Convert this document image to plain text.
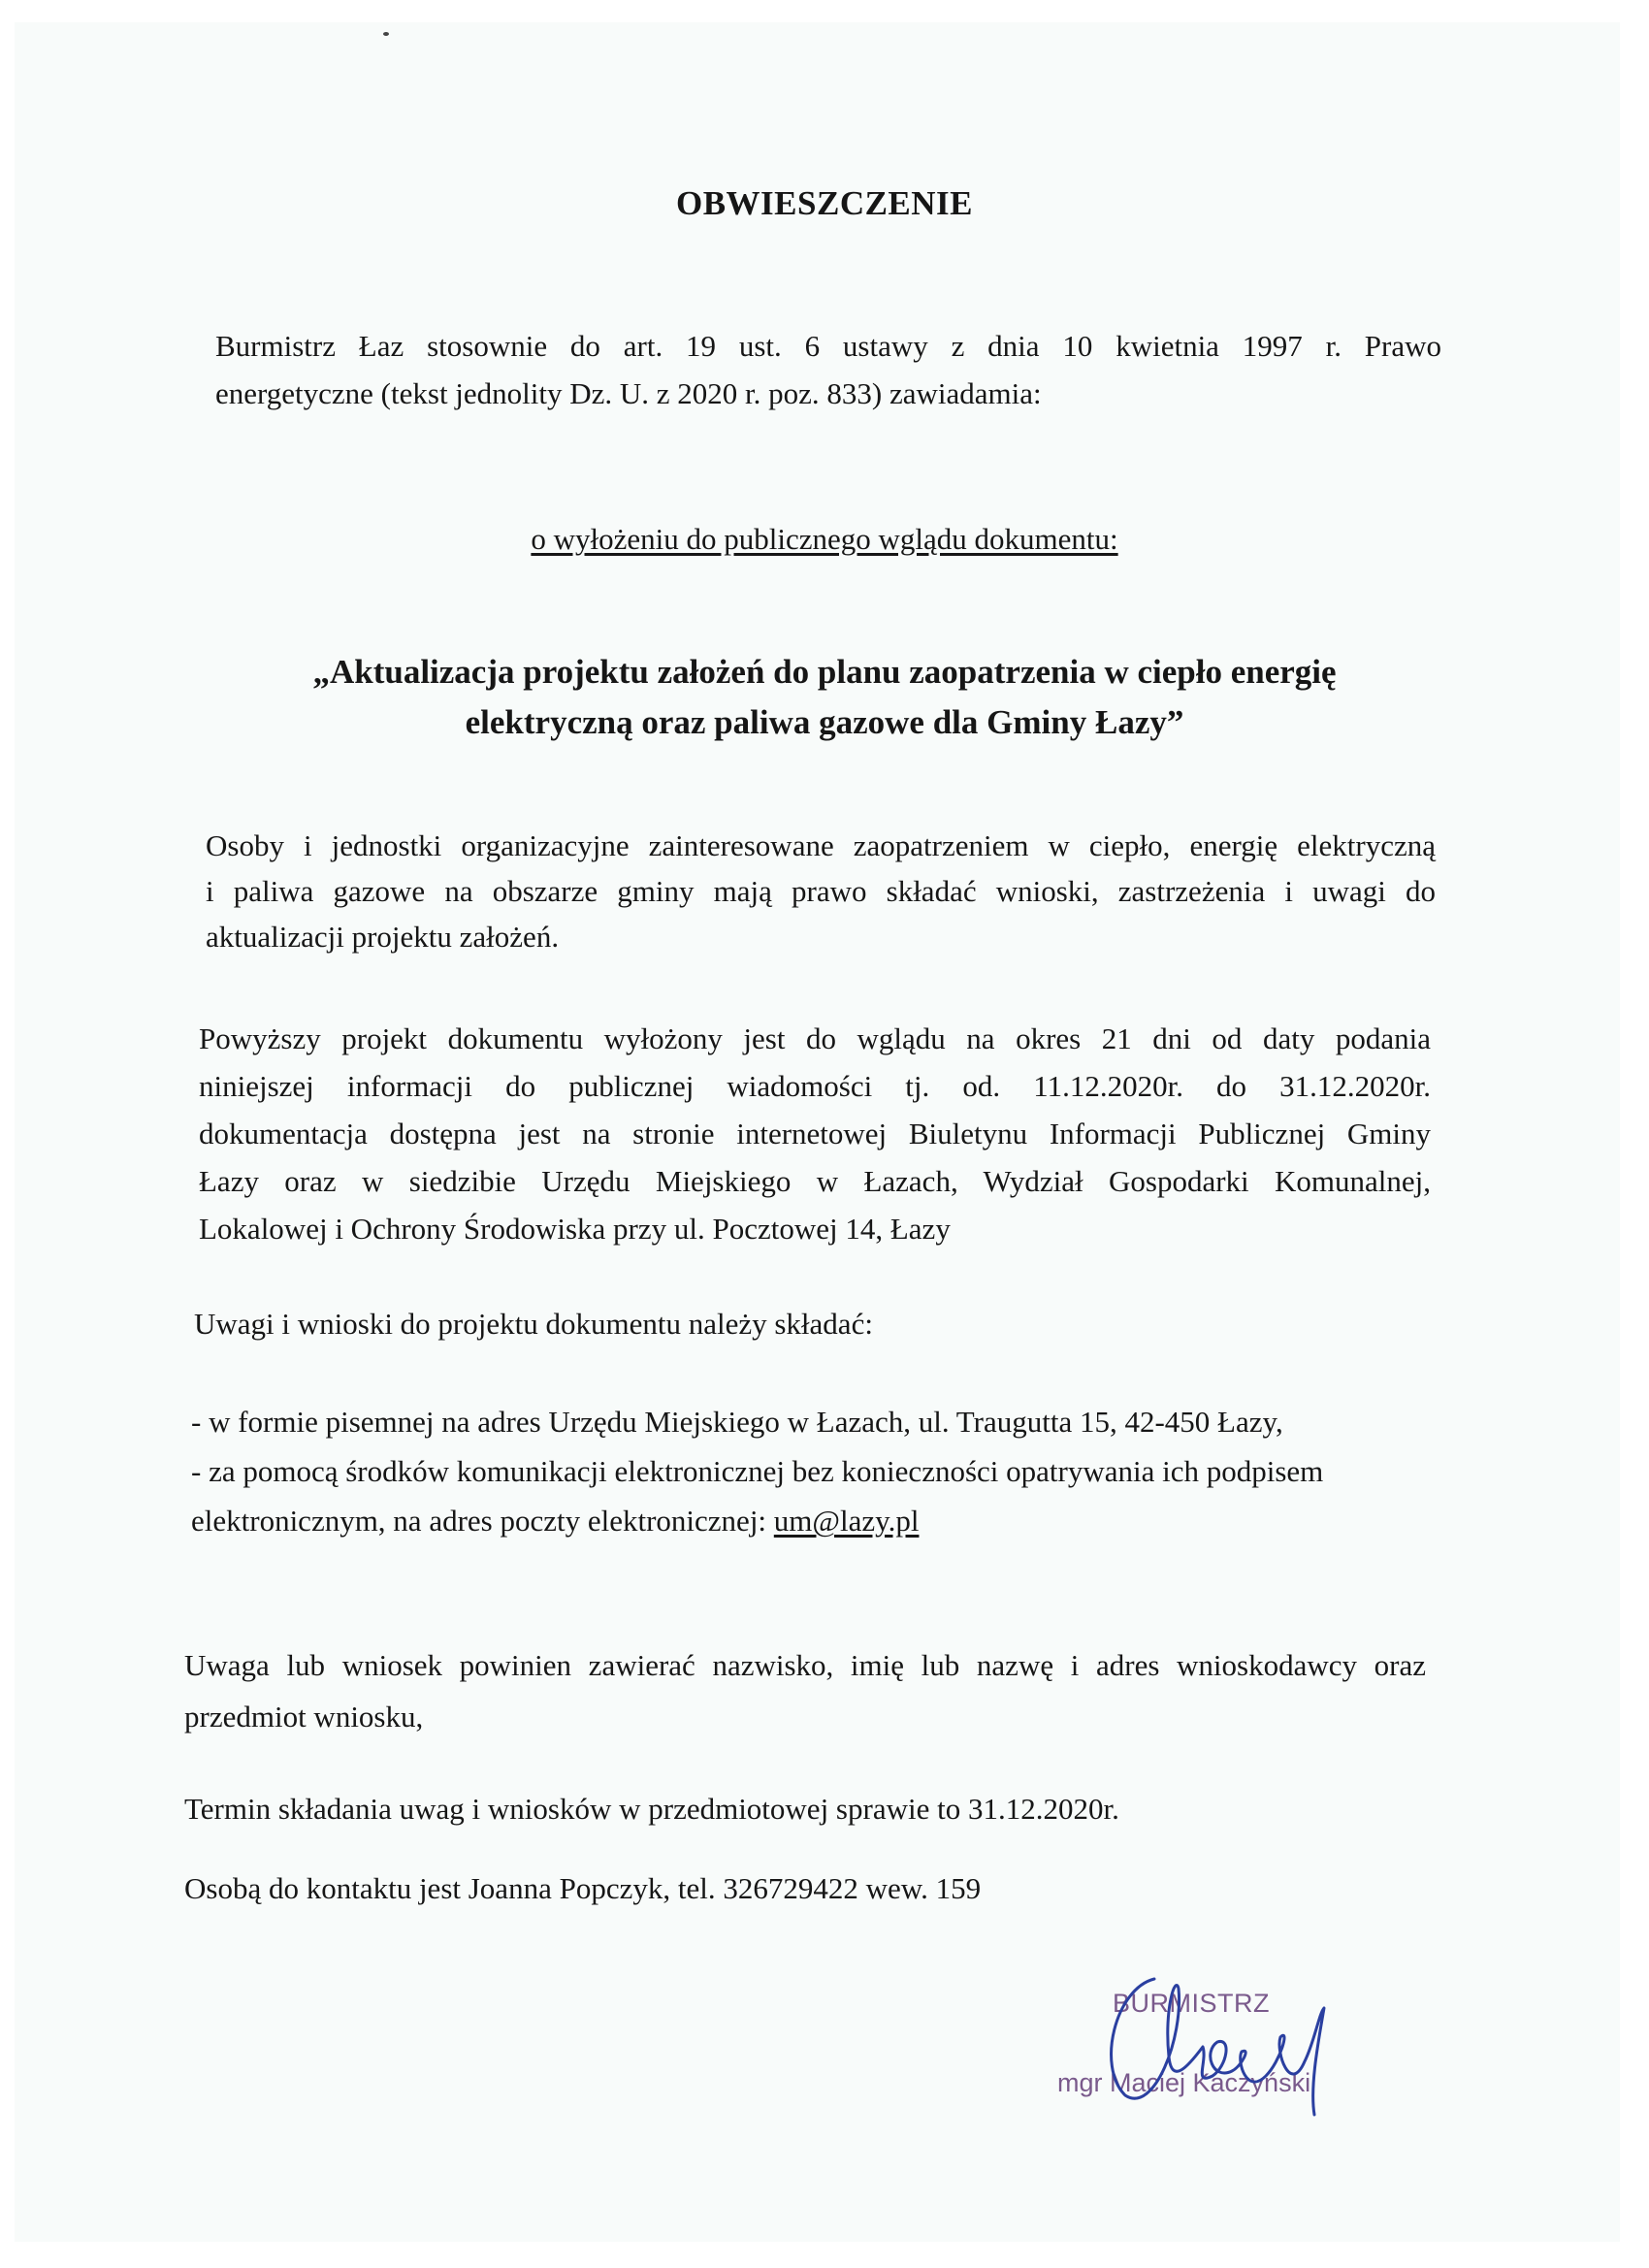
OBWIESZCZENIE
Burmistrz Łaz stosownie do art. 19 ust. 6 ustawy z dnia 10 kwietnia 1997 r. Prawo
energetyczne (tekst jednolity Dz. U. z 2020 r. poz. 833) zawiadamia:
o wyłożeniu do publicznego wglądu dokumentu:
„Aktualizacja projektu założeń do planu zaopatrzenia w ciepło energię
elektryczną oraz paliwa gazowe dla Gminy Łazy”
Osoby i jednostki organizacyjne zainteresowane zaopatrzeniem w ciepło, energię elektryczną
i paliwa gazowe na obszarze gminy mają prawo składać wnioski, zastrzeżenia i uwagi do
aktualizacji projektu założeń.
Powyższy projekt dokumentu wyłożony jest do wglądu na okres 21 dni od daty podania
niniejszej informacji do publicznej wiadomości tj. od. 11.12.2020r. do 31.12.2020r.
dokumentacja dostępna jest na stronie internetowej Biuletynu Informacji Publicznej Gminy
Łazy oraz w siedzibie Urzędu Miejskiego w Łazach, Wydział Gospodarki Komunalnej,
Lokalowej i Ochrony Środowiska przy ul. Pocztowej 14, Łazy
Uwagi i wnioski do projektu dokumentu należy składać:
- w formie pisemnej na adres Urzędu Miejskiego w Łazach, ul. Traugutta 15, 42-450 Łazy,
- za pomocą środków komunikacji elektronicznej bez konieczności opatrywania ich podpisem
elektronicznym, na adres poczty elektronicznej: um@lazy.pl
Uwaga lub wniosek powinien zawierać nazwisko, imię lub nazwę i adres wnioskodawcy oraz
przedmiot wniosku,
Termin składania uwag i wniosków w przedmiotowej sprawie to 31.12.2020r.
Osobą do kontaktu jest Joanna Popczyk, tel. 326729422 wew. 159
BURMISTRZ
mgr Maciej Kaczyński
